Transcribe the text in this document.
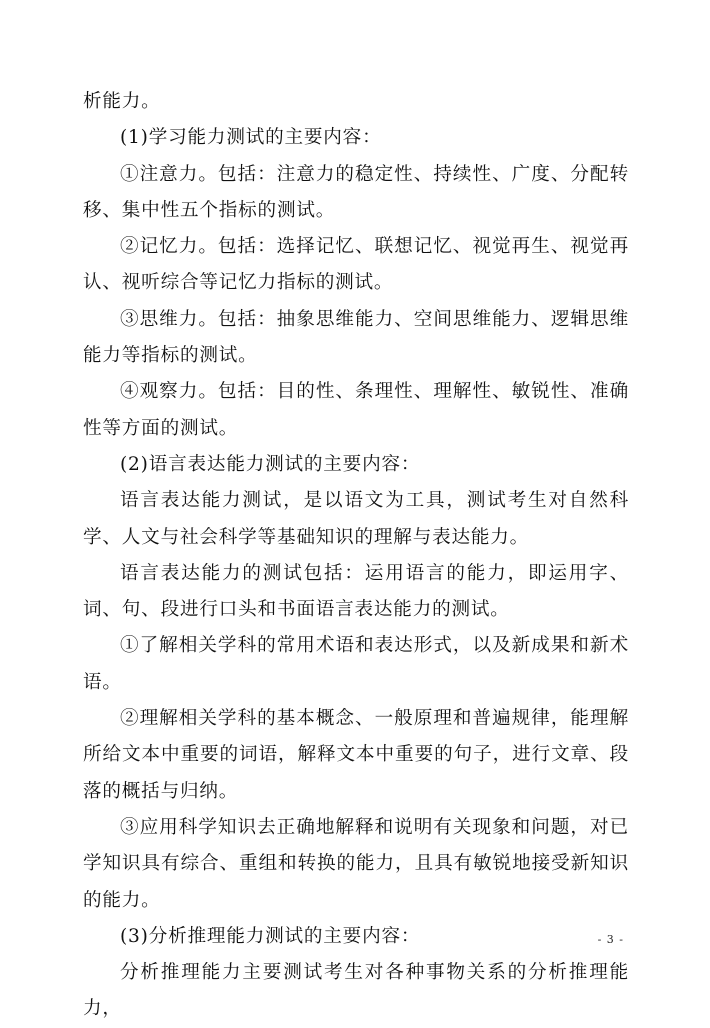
析能力。

(1)学习能力测试的主要内容：

①注意力。包括：注意力的稳定性、持续性、广度、分配转移、集中性五个指标的测试。

②记忆力。包括：选择记忆、联想记忆、视觉再生、视觉再认、视听综合等记忆力指标的测试。

③思维力。包括：抽象思维能力、空间思维能力、逻辑思维能力等指标的测试。

④观察力。包括：目的性、条理性、理解性、敏锐性、准确性等方面的测试。

(2)语言表达能力测试的主要内容：

语言表达能力测试，是以语文为工具，测试考生对自然科学、人文与社会科学等基础知识的理解与表达能力。

语言表达能力的测试包括：运用语言的能力，即运用字、词、句、段进行口头和书面语言表达能力的测试。

①了解相关学科的常用术语和表达形式，以及新成果和新术语。

②理解相关学科的基本概念、一般原理和普遍规律，能理解所给文本中重要的词语，解释文本中重要的句子，进行文章、段落的概括与归纳。

③应用科学知识去正确地解释和说明有关现象和问题，对已学知识具有综合、重组和转换的能力，且具有敏锐地接受新知识的能力。

(3)分析推理能力测试的主要内容：

分析推理能力主要测试考生对各种事物关系的分析推理能力，

- 3 -
